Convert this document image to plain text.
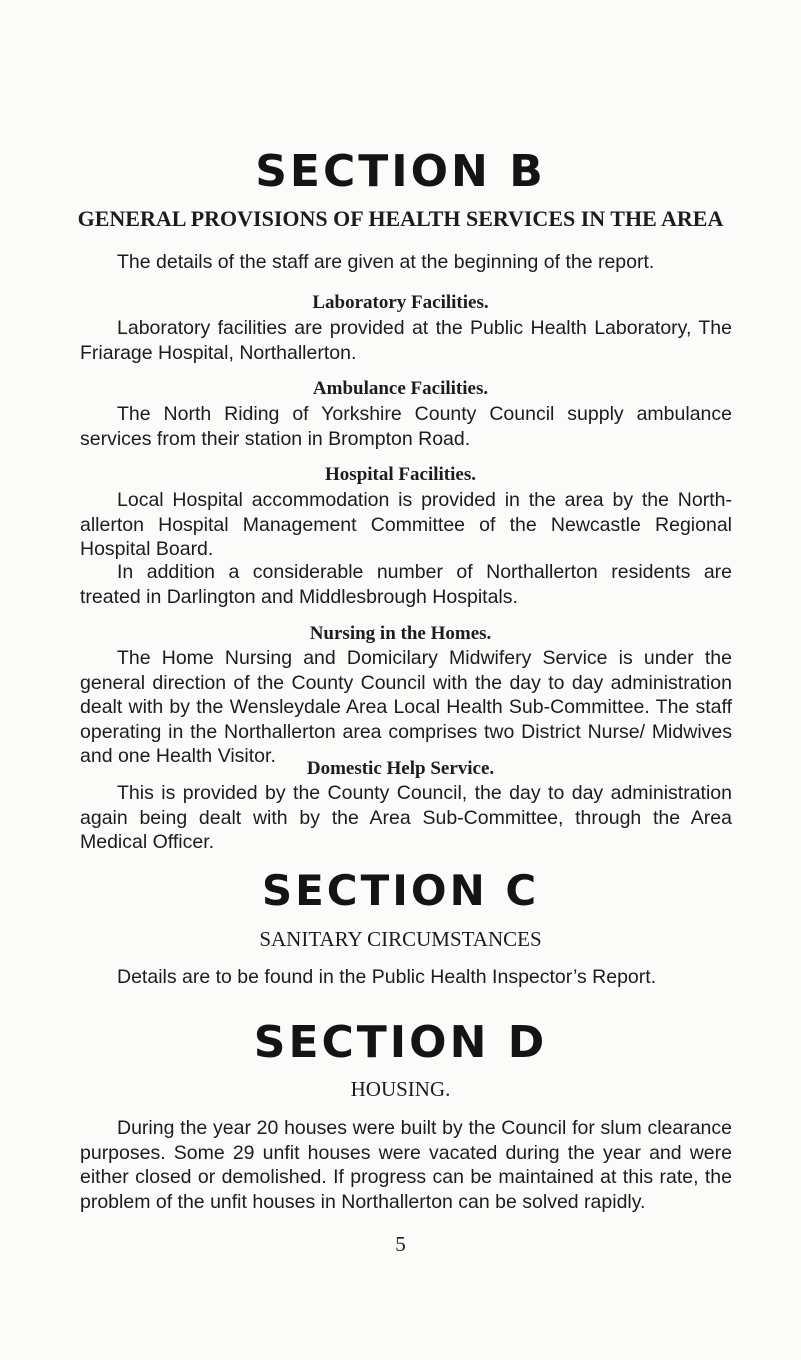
SECTION B
GENERAL PROVISIONS OF HEALTH SERVICES IN THE AREA
The details of the staff are given at the beginning of the report.
Laboratory Facilities.
Laboratory facilities are provided at the Public Health Laboratory, The Friarage Hospital, Northallerton.
Ambulance Facilities.
The North Riding of Yorkshire County Council supply ambulance services from their station in Brompton Road.
Hospital Facilities.
Local Hospital accommodation is provided in the area by the North-allerton Hospital Management Committee of the Newcastle Regional Hospital Board.
In addition a considerable number of Northallerton residents are treated in Darlington and Middlesbrough Hospitals.
Nursing in the Homes.
The Home Nursing and Domicilary Midwifery Service is under the general direction of the County Council with the day to day administration dealt with by the Wensleydale Area Local Health Sub-Committee. The staff operating in the Northallerton area comprises two District Nurse/ Midwives and one Health Visitor.
Domestic Help Service.
This is provided by the County Council, the day to day administration again being dealt with by the Area Sub-Committee, through the Area Medical Officer.
SECTION C
SANITARY CIRCUMSTANCES
Details are to be found in the Public Health Inspector’s Report.
SECTION D
HOUSING.
During the year 20 houses were built by the Council for slum clearance purposes. Some 29 unfit houses were vacated during the year and were either closed or demolished. If progress can be maintained at this rate, the problem of the unfit houses in Northallerton can be solved rapidly.
5
